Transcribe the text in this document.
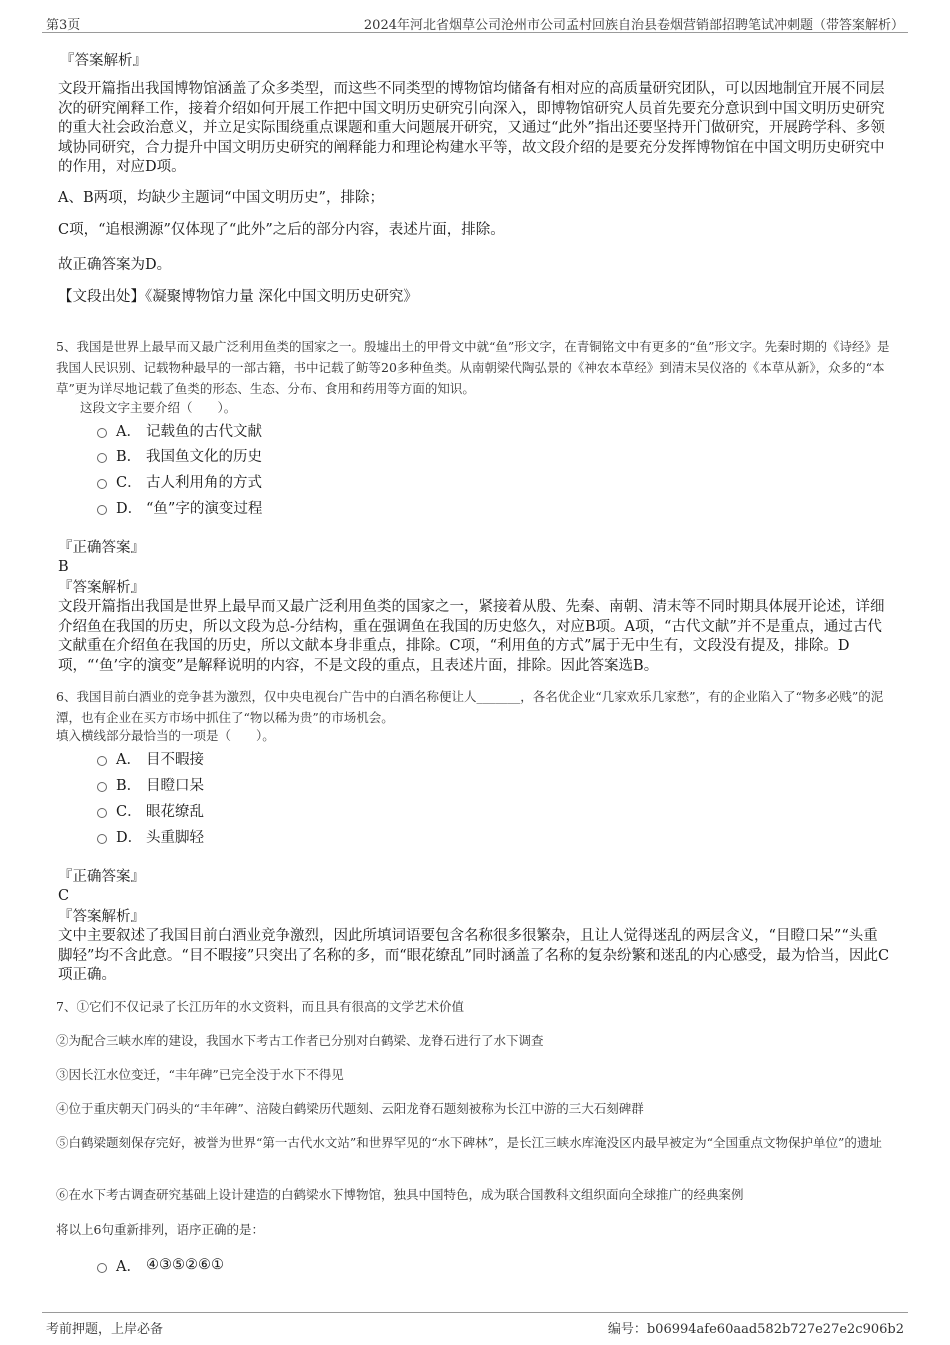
第3页	2024年河北省烟草公司沧州市公司孟村回族自治县卷烟营销部招聘笔试冲刺题（带答案解析）

『答案解析』

文段开篇指出我国博物馆涵盖了众多类型，而这些不同类型的博物馆均储备有相对应的高质量研究团队，可以因地制宜开展不同层次的研究阐释工作，接着介绍如何开展工作把中国文明历史研究引向深入，即博物馆研究人员首先要充分意识到中国文明历史研究的重大社会政治意义，并立足实际围绕重点课题和重大问题展开研究，又通过“此外”指出还要坚持开门做研究，开展跨学科、多领域协同研究，合力提升中国文明历史研究的阐释能力和理论构建水平等，故文段介绍的是要充分发挥博物馆在中国文明历史研究中的作用，对应D项。

A、B两项，均缺少主题词“中国文明历史”，排除；

C项，“追根溯源”仅体现了“此外”之后的部分内容，表述片面，排除。

故正确答案为D。

【文段出处】《凝聚博物馆力量 深化中国文明历史研究》

5、我国是世界上最早而又最广泛利用鱼类的国家之一。殷墟出土的甲骨文中就“鱼”形文字，在青铜铭文中有更多的“鱼”形文字。先秦时期的《诗经》是我国人民识别、记载物种最早的一部古籍，书中记载了鲂等20多种鱼类。从南朝梁代陶弘景的《神农本草经》到清末吴仪洛的《本草从新》，众多的“本草”更为详尽地记载了鱼类的形态、生态、分布、食用和药用等方面的知识。

这段文字主要介绍（　　）。

A． 记载鱼的古代文献
B． 我国鱼文化的历史
C． 古人利用角的方式
D． “鱼”字的演变过程

『正确答案』

B

『答案解析』

文段开篇指出我国是世界上最早而又最广泛利用鱼类的国家之一，紧接着从殷、先秦、南朝、清末等不同时期具体展开论述，详细介绍鱼在我国的历史，所以文段为总-分结构，重在强调鱼在我国的历史悠久，对应B项。A项，“古代文献”并不是重点，通过古代文献重在介绍鱼在我国的历史，所以文献本身非重点，排除。C项，“利用鱼的方式”属于无中生有，文段没有提及，排除。D项，“‘鱼’字的演变”是解释说明的内容，不是文段的重点，且表述片面，排除。因此答案选B。

6、我国目前白酒业的竞争甚为激烈，仅中央电视台广告中的白酒名称便让人_______，各名优企业“几家欢乐几家愁”，有的企业陷入了“物多必贱”的泥潭，也有企业在买方市场中抓住了“物以稀为贵”的市场机会。

填入横线部分最恰当的一项是（　　）。

A． 目不暇接
B． 目瞪口呆
C． 眼花缭乱
D． 头重脚轻

『正确答案』

C

『答案解析』

文中主要叙述了我国目前白酒业竞争激烈，因此所填词语要包含名称很多很繁杂，且让人觉得迷乱的两层含义，“目瞪口呆”“头重脚轻”均不含此意。“目不暇接”只突出了名称的多，而“眼花缭乱”同时涵盖了名称的复杂纷繁和迷乱的内心感受，最为恰当，因此C项正确。

7、①它们不仅记录了长江历年的水文资料，而且具有很高的文学艺术价值

②为配合三峡水库的建设，我国水下考古工作者已分别对白鹤梁、龙脊石进行了水下调查

③因长江水位变迁，“丰年碑”已完全没于水下不得见

④位于重庆朝天门码头的“丰年碑”、涪陵白鹤梁历代题刻、云阳龙脊石题刻被称为长江中游的三大石刻碑群

⑤白鹤梁题刻保存完好，被誉为世界“第一古代水文站”和世界罕见的“水下碑林”，是长江三峡水库淹没区内最早被定为“全国重点文物保护单位”的遗址

⑥在水下考古调查研究基础上设计建造的白鹤梁水下博物馆，独具中国特色，成为联合国教科文组织面向全球推广的经典案例

将以上6句重新排列，语序正确的是：

A． ④③⑤②⑥①
考前押题，上岸必备	编号：b06994afe60aad582b727e27e2c906b2
